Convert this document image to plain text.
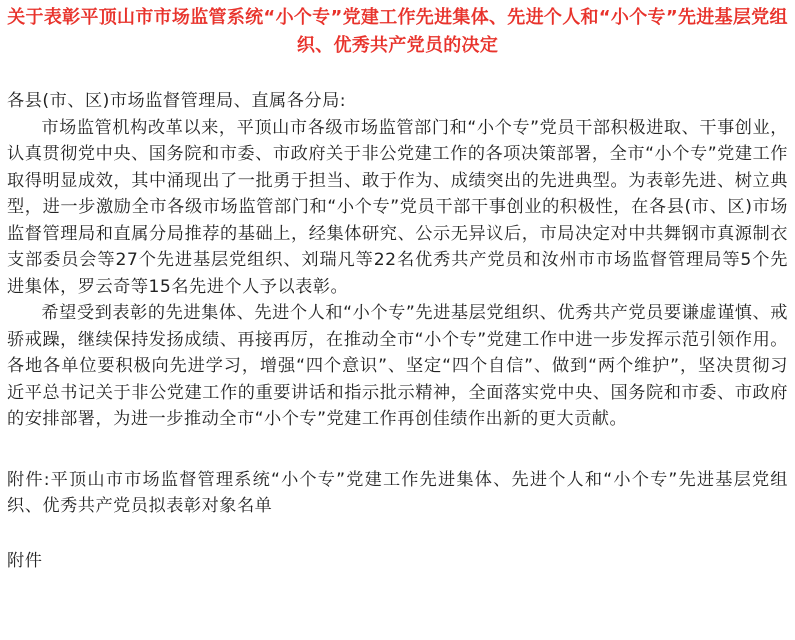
关于表彰平顶山市市场监管系统“小个专”党建工作先进集体、先进个人和“小个专”先进基层党组织、优秀共产党员的决定

各县(市、区)市场监督管理局、直属各分局:

市场监管机构改革以来，平顶山市各级市场监管部门和“小个专”党员干部积极进取、干事创业，认真贯彻党中央、国务院和市委、市政府关于非公党建工作的各项决策部署，全市“小个专”党建工作取得明显成效，其中涌现出了一批勇于担当、敢于作为、成绩突出的先进典型。为表彰先进、树立典型，进一步激励全市各级市场监管部门和“小个专”党员干部干事创业的积极性，在各县(市、区)市场监督管理局和直属分局推荐的基础上，经集体研究、公示无异议后，市局决定对中共舞钢市真源制衣支部委员会等27个先进基层党组织、刘瑞凡等22名优秀共产党员和汝州市市场监督管理局等5个先进集体，罗云奇等15名先进个人予以表彰。

希望受到表彰的先进集体、先进个人和“小个专”先进基层党组织、优秀共产党员要谦虚谨慎、戒骄戒躁，继续保持发扬成绩、再接再厉，在推动全市“小个专”党建工作中进一步发挥示范引领作用。各地各单位要积极向先进学习，增强“四个意识”、坚定“四个自信”、做到“两个维护”，坚决贯彻习近平总书记关于非公党建工作的重要讲话和指示批示精神，全面落实党中央、国务院和市委、市政府的安排部署，为进一步推动全市“小个专”党建工作再创佳绩作出新的更大贡献。

附件:平顶山市市场监督管理系统“小个专”党建工作先进集体、先进个人和“小个专”先进基层党组织、优秀共产党员拟表彰对象名单

附件
